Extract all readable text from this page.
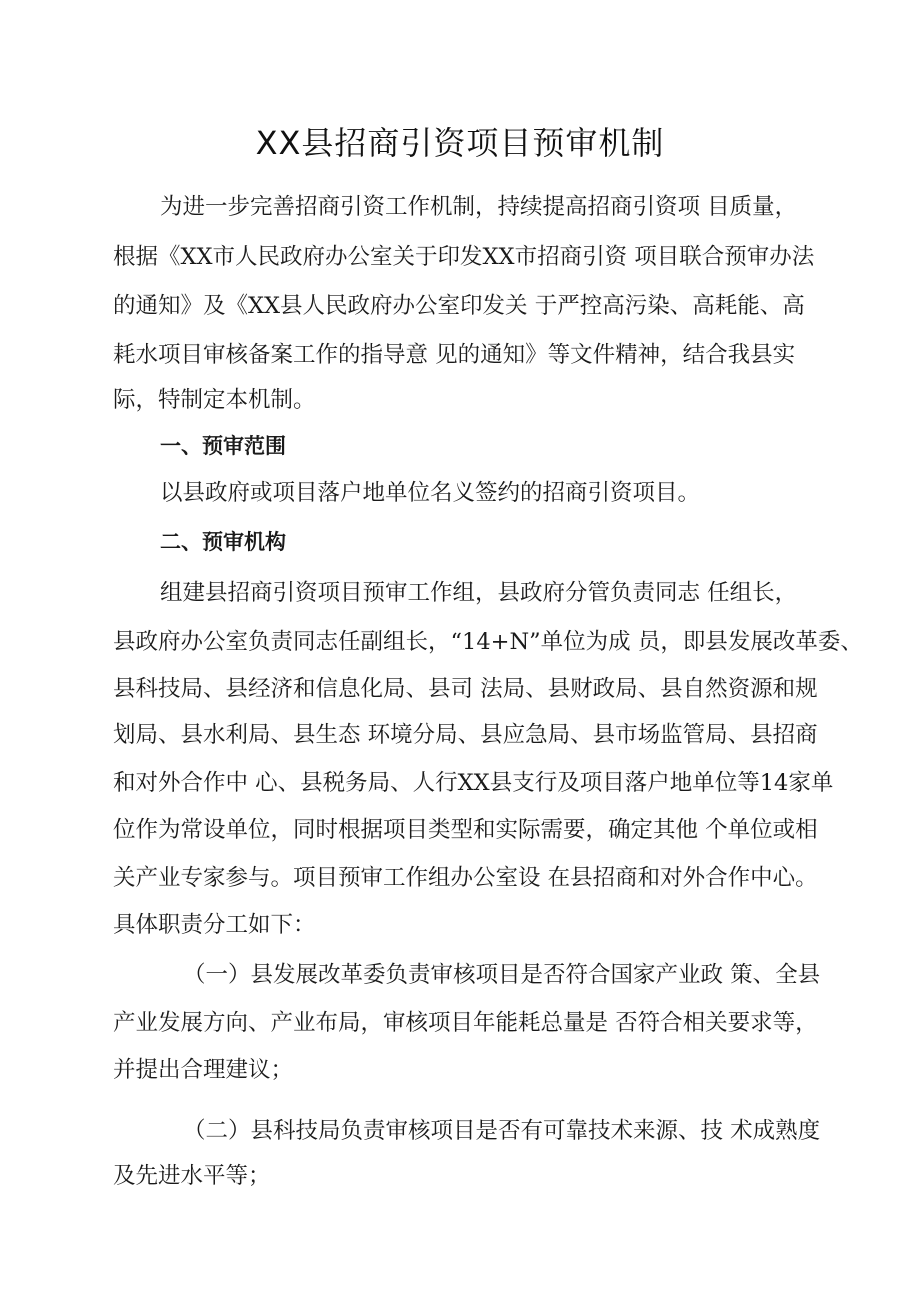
XX县招商引资项目预审机制
为进一步完善招商引资工作机制，持续提高招商引资项 目质量，
根据《XX市人民政府办公室关于印发XX市招商引资 项目联合预审办法
的通知》及《XX县人民政府办公室印发关 于严控高污染、高耗能、高
耗水项目审核备案工作的指导意 见的通知》等文件精神，结合我县实
际，特制定本机制。
一、预审范围
以县政府或项目落户地单位名义签约的招商引资项目。
二、预审机构
组建县招商引资项目预审工作组，县政府分管负责同志 任组长，
县政府办公室负责同志任副组长，“14+N”单位为成 员，即县发展改革委、
县科技局、县经济和信息化局、县司 法局、县财政局、县自然资源和规
划局、县水利局、县生态 环境分局、县应急局、县市场监管局、县招商
和对外合作中 心、县税务局、人行XX县支行及项目落户地单位等14家单
位作为常设单位，同时根据项目类型和实际需要，确定其他 个单位或相
关产业专家参与。项目预审工作组办公室设 在县招商和对外合作中心。
具体职责分工如下：
（一）县发展改革委负责审核项目是否符合国家产业政 策、全县
产业发展方向、产业布局，审核项目年能耗总量是 否符合相关要求等，
并提出合理建议；
（二）县科技局负责审核项目是否有可靠技术来源、技 术成熟度
及先进水平等；
